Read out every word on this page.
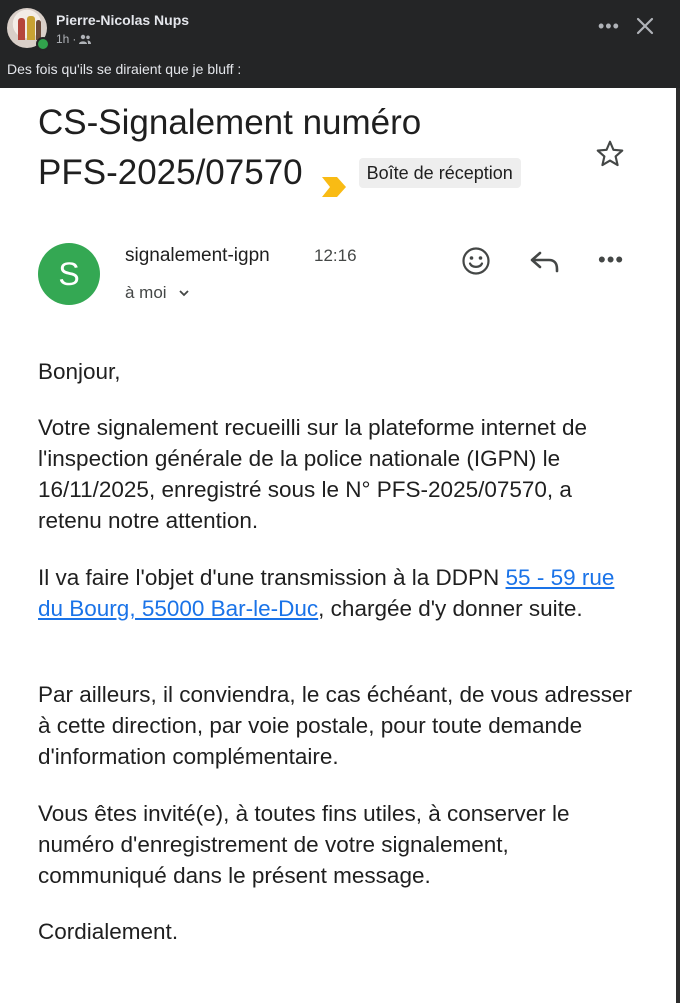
Pierre-Nicolas Nups
1h ·
Des fois qu'ils se diraient que je bluff :
•••
CS-Signalement numéro
PFS-2025/07570	Boîte de réception
S
signalement-igpn	12:16
à moi
•••
Bonjour,
Votre signalement recueilli sur la plateforme internet de l'inspection générale de la police nationale (IGPN) le 16/11/2025, enregistré sous le N° PFS-2025/07570, a retenu notre attention.
Il va faire l'objet d'une transmission à la DDPN 55 - 59 rue du Bourg, 55000 Bar-le-Duc, chargée d'y donner suite.
Par ailleurs, il conviendra, le cas échéant, de vous adresser à cette direction, par voie postale, pour toute demande d'information complémentaire.
Vous êtes invité(e), à toutes fins utiles, à conserver le numéro d'enregistrement de votre signalement, communiqué dans le présent message.
Cordialement.
